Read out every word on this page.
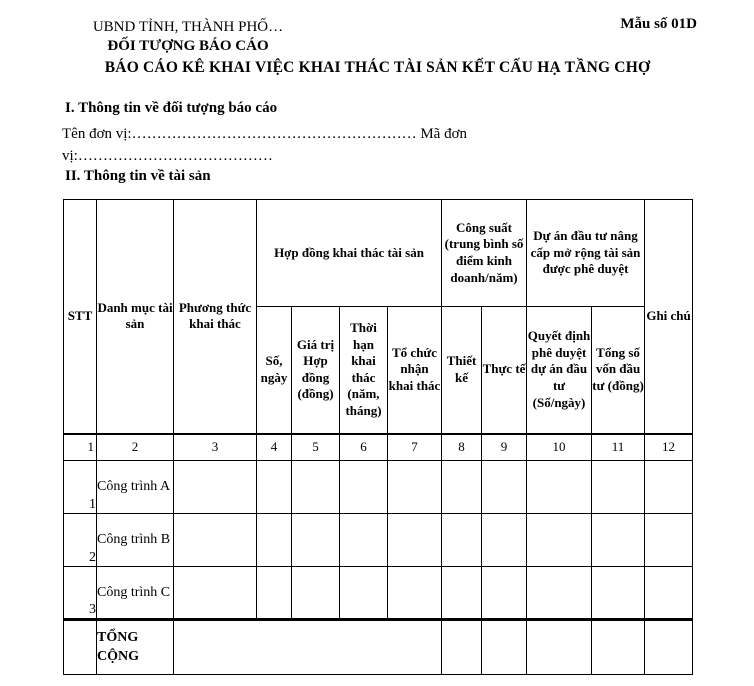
UBND TỈNH, THÀNH PHỐ…
ĐỐI TƯỢNG BÁO CÁO
Mẫu số 01D
BÁO CÁO KÊ KHAI VIỆC KHAI THÁC TÀI SẢN KẾT CẤU HẠ TẦNG CHỢ
I. Thông tin về đối tượng báo cáo
Tên đơn vị:………………………………………………… Mã đơn
vị:…………………………………
II. Thông tin về tài sản
STT	Danh mục tài sản	Phương thức khai thác	Hợp đồng khai thác tài sản				Công suất (trung bình số điểm kinh doanh/năm)		Dự án đầu tư nâng cấp mở rộng tài sản được phê duyệt		Ghi chú
			Số, ngày	Giá trị Hợp đồng (đồng)	Thời hạn khai thác (năm, tháng)	Tổ chức nhận khai thác	Thiết kế	Thực tế	Quyết định phê duyệt dự án đầu tư (Số/ngày)	Tổng số vốn đầu tư (đồng)	
1	2	3	4	5	6	7	8	9	10	11	12
1	Công trình A										
2	Công trình B										
3	Công trình C										
	TỔNG CỘNG										
